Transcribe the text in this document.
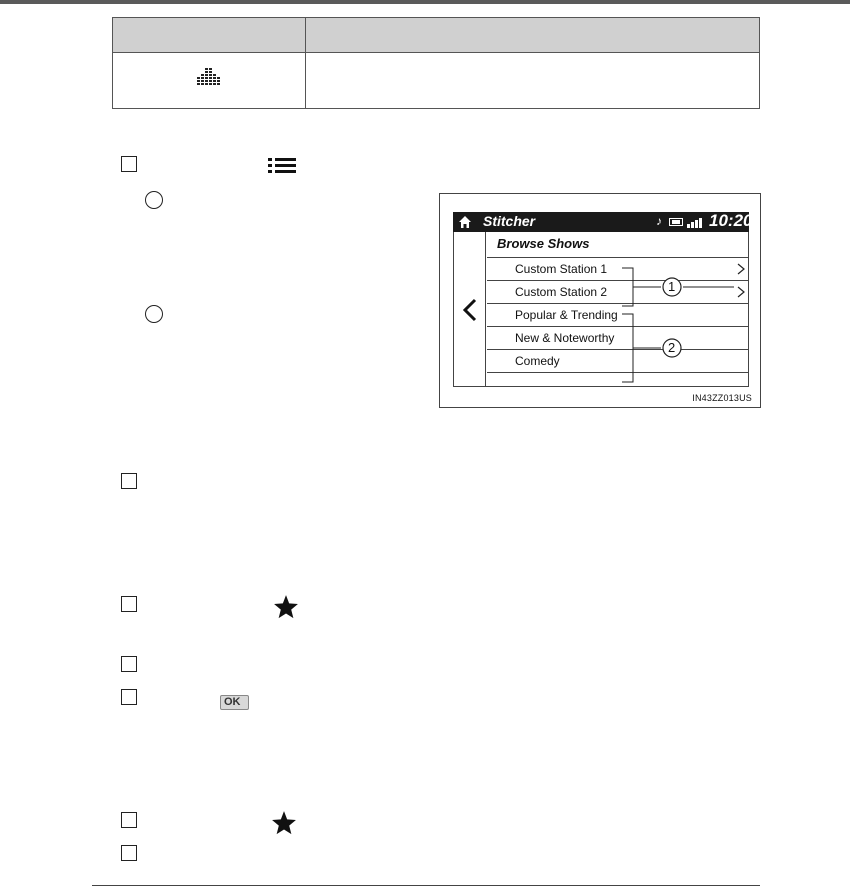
Stitcher	♪	10:20
Browse Shows
Custom Station 1
Custom Station 2
Popular & Trending
New & Noteworthy
Comedy
1
2
IN43ZZ013US
OK
